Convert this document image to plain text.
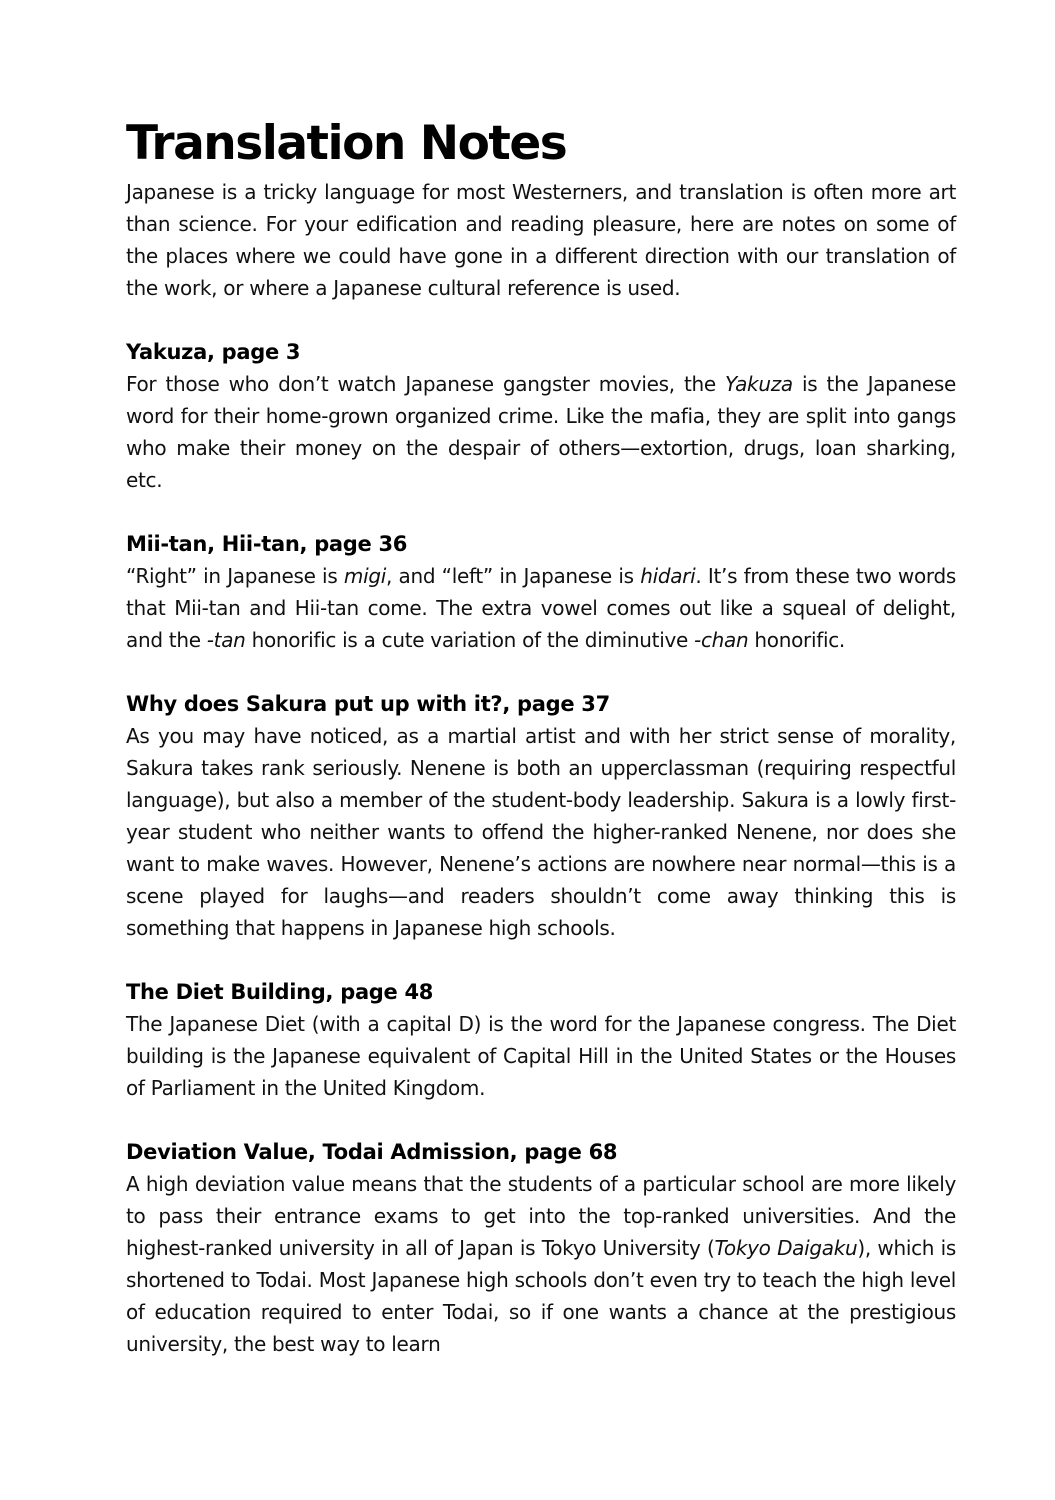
Translation Notes

Japanese is a tricky language for most Westerners, and translation is often more art than science. For your edification and reading pleasure, here are notes on some of the places where we could have gone in a different direction with our translation of the work, or where a Japanese cultural reference is used.

Yakuza, page 3

For those who don’t watch Japanese gangster movies, the Yakuza is the Japanese word for their home-grown organized crime. Like the mafia, they are split into gangs who make their money on the despair of others—extortion, drugs, loan sharking, etc.

Mii-tan, Hii-tan, page 36

“Right” in Japanese is migi, and “left” in Japanese is hidari. It’s from these two words that Mii-tan and Hii-tan come. The extra vowel comes out like a squeal of delight, and the -tan honorific is a cute variation of the diminutive -chan honorific.

Why does Sakura put up with it?, page 37

As you may have noticed, as a martial artist and with her strict sense of morality, Sakura takes rank seriously. Nenene is both an upperclassman (requiring respectful language), but also a member of the student-body leadership. Sakura is a lowly first-year student who neither wants to offend the higher-ranked Nenene, nor does she want to make waves. However, Nenene’s actions are nowhere near normal—this is a scene played for laughs—and readers shouldn’t come away thinking this is something that happens in Japanese high schools.

The Diet Building, page 48

The Japanese Diet (with a capital D) is the word for the Japanese congress. The Diet building is the Japanese equivalent of Capital Hill in the United States or the Houses of Parliament in the United Kingdom.

Deviation Value, Todai Admission, page 68

A high deviation value means that the students of a particular school are more likely to pass their entrance exams to get into the top-ranked universities. And the highest-ranked university in all of Japan is Tokyo University (Tokyo Daigaku), which is shortened to Todai. Most Japanese high schools don’t even try to teach the high level of education required to enter Todai, so if one wants a chance at the prestigious university, the best way to learn
